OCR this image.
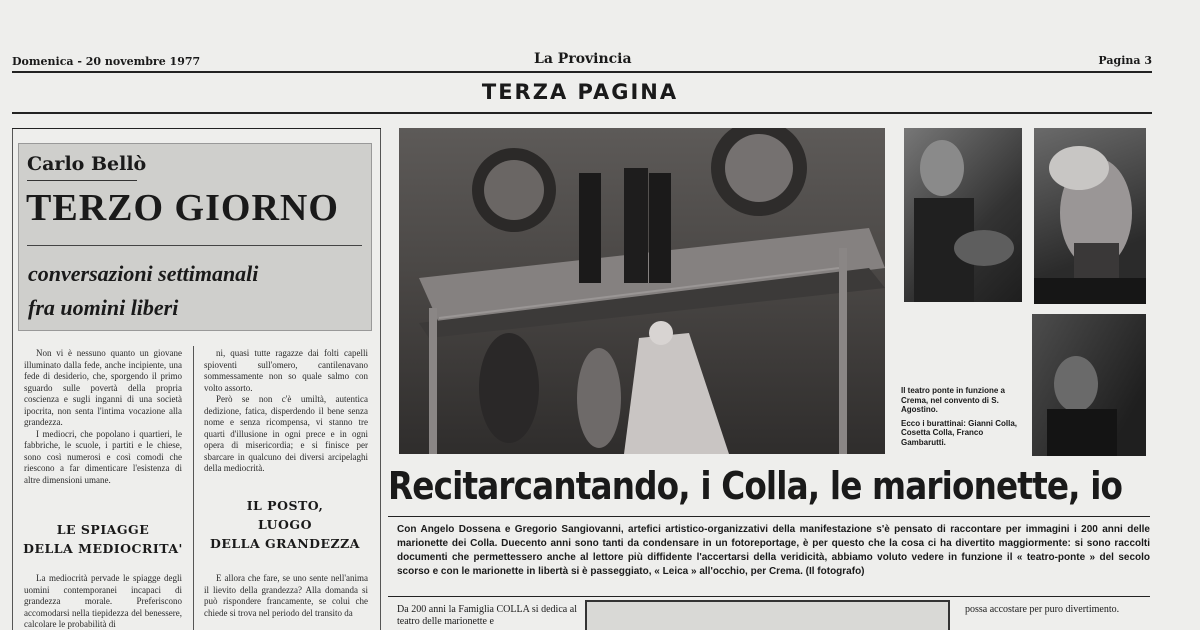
Domenica - 20 novembre 1977	La Provincia	Pagina 3
TERZA PAGINA
Carlo Bellò
TERZO GIORNO
conversazioni settimanali
fra uomini liberi

Non vi è nessuno quanto un giovane illuminato dalla fede, anche incipiente, una fede di desiderio, che, sporgendo il primo sguardo sulle povertà della propria coscienza e sugli inganni di una società ipocrita, non senta l'intima vocazione alla grandezza.

I mediocri, che popolano i quartieri, le fabbriche, le scuole, i partiti e le chiese, sono così numerosi e così comodi che riescono a far dimenticare l'esistenza di altre dimensioni umane.

ni, quasi tutte ragazze dai folti capelli spioventi sull'omero, cantilenavano sommessamente non so quale salmo con volto assorto.

Però se non c'è umiltà, autentica dedizione, fatica, disperdendo il bene senza nome e senza ricompensa, vi stanno tre quarti d'illusione in ogni prece e in ogni opera di misericordia; e si finisce per sbarcare in qualcuno dei diversi arcipelaghi della mediocrità.

LE SPIAGGE
DELLA MEDIOCRITA'
IL POSTO,
LUOGO
DELLA GRANDEZZA

La mediocrità pervade le spiagge degli uomini contemporanei incapaci di grandezza morale. Preferiscono accomodarsi nella tiepidezza del benessere, calcolare le probabilità di

E allora che fare, se uno sente nell'anima il lievito della grandezza? Alla domanda si può rispondere francamente, se colui che chiede si trova nel periodo del transito da

Il teatro ponte in funzione a Crema, nel convento di S. Agostino.

Ecco i burattinai: Gianni Colla, Cosetta Colla, Franco Gambarutti.

Recitarcantando, i Colla, le marionette, io
Con Angelo Dossena e Gregorio Sangiovanni, artefici artistico-organizzativi della manifestazione s'è pensato di raccontare per immagini i 200 anni delle marionette dei Colla. Duecento anni sono tanti da condensare in un fotoreportage, è per questo che la cosa ci ha divertito maggiormente: si sono raccolti documenti che permettessero anche al lettore più diffidente l'accertarsi della veridicità, abbiamo voluto vedere in funzione il « teatro-ponte » del secolo scorso e con le marionette in libertà si è passeggiato, « Leica » all'occhio, per Crema. (Il fotografo)
Da 200 anni la Famiglia COLLA si dedica al teatro delle marionette e
possa accostare per puro divertimento.
